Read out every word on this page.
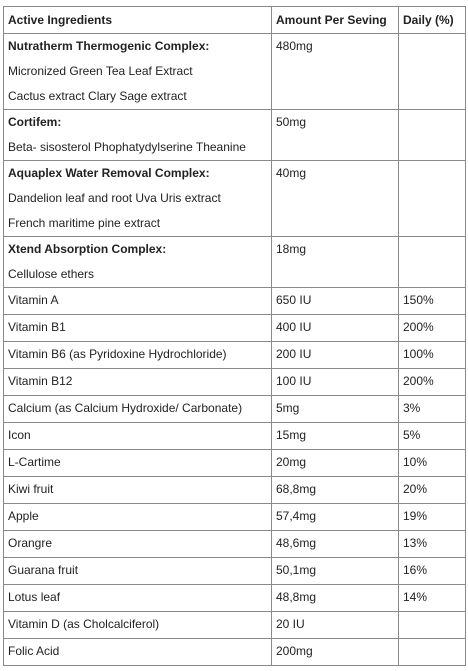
Active Ingredients	Amount Per Seving	Daily (%)

Nutratherm Thermogenic Complex:
Micronized Green Tea Leaf Extract
Cactus extract Clary Sage extract	480mg	

Cortifem:
Beta- sisosterol Phophatydylserine Theanine	50mg	

Aquaplex Water Removal Complex:
Dandelion leaf and root Uva Uris extract
French maritime pine extract	40mg	

Xtend Absorption Complex:
Cellulose ethers	18mg	
Vitamin A	650 IU	150%
Vitamin B1	400 IU	200%
Vitamin B6 (as Pyridoxine Hydrochloride)	200 IU	100%
Vitamin B12	100 IU	200%
Calcium (as Calcium Hydroxide/ Carbonate)	5mg	3%
Icon	15mg	5%
L-Cartime	20mg	10%
Kiwi fruit	68,8mg	20%
Apple	57,4mg	19%
Orangre	48,6mg	13%
Guarana fruit	50,1mg	16%
Lotus leaf	48,8mg	14%
Vitamin D (as Cholcalciferol)	20 IU	
Folic Acid	200mg	
